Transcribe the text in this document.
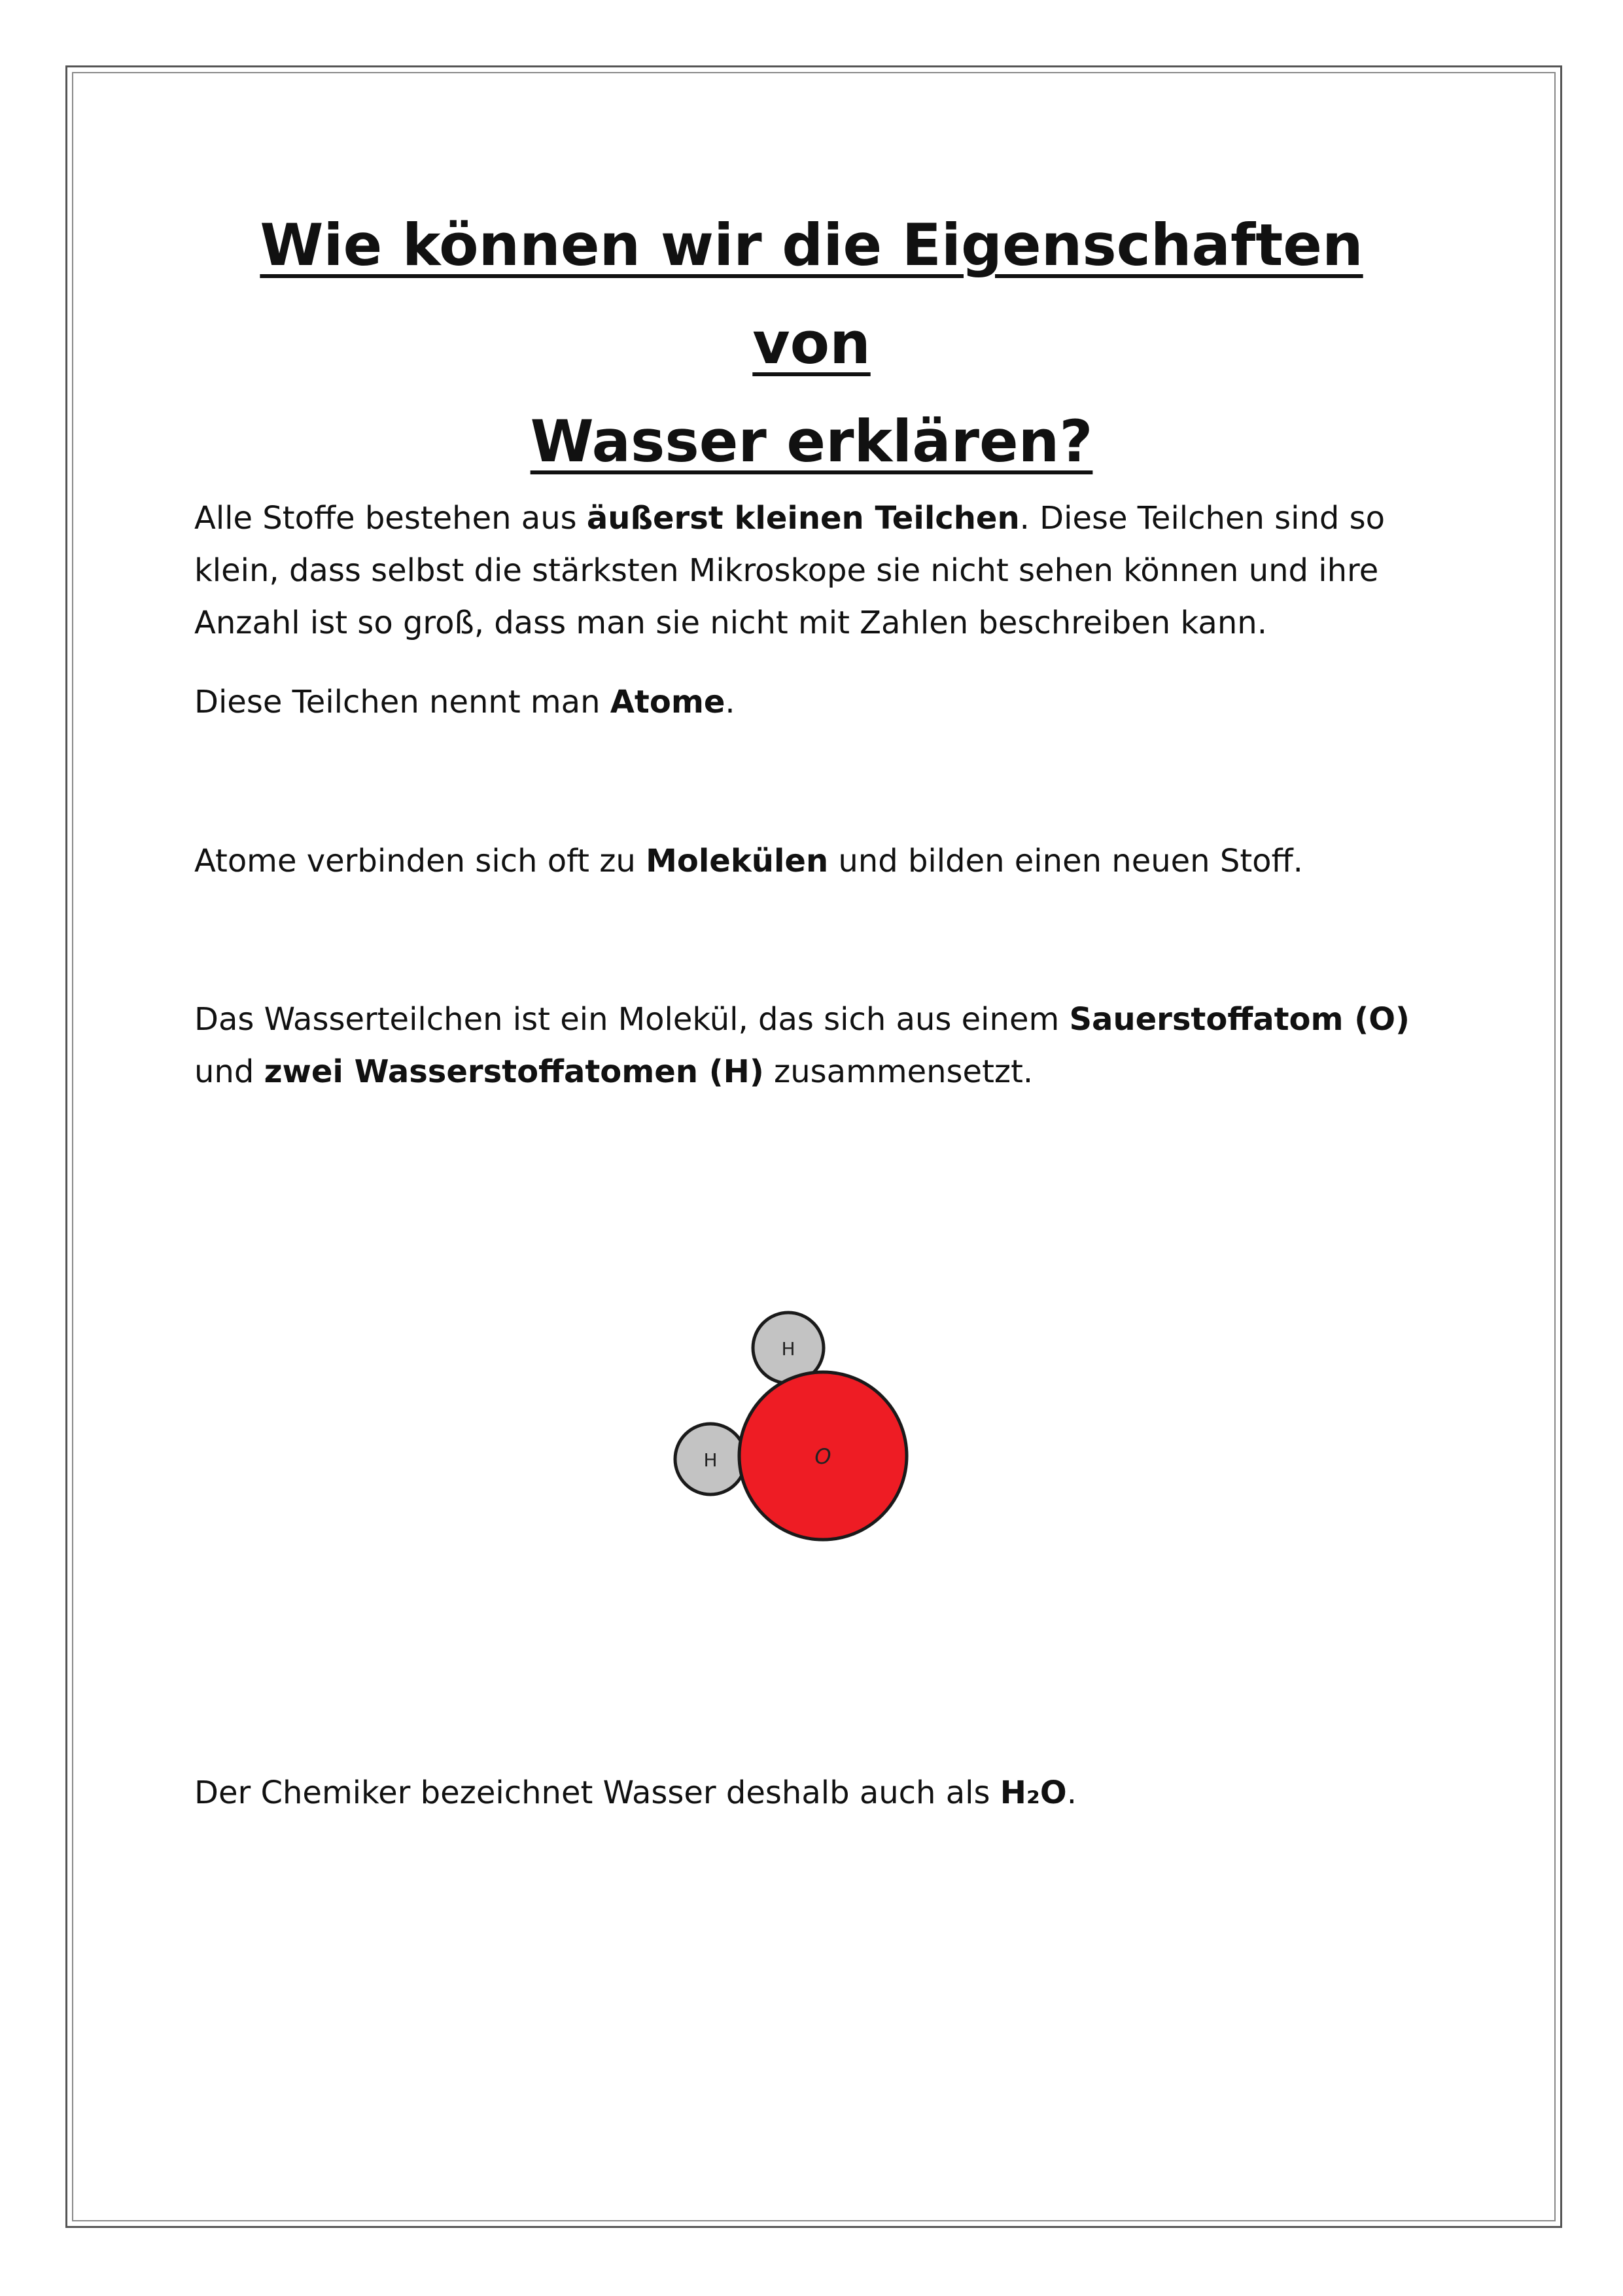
Wie können wir die Eigenschaften von
Wasser erklären?

Alle Stoffe bestehen aus äußerst kleinen Teilchen. Diese Teilchen sind so klein, dass selbst die stärksten Mikroskope sie nicht sehen können und ihre Anzahl ist so groß, dass man sie nicht mit Zahlen beschreiben kann.

Diese Teilchen nennt man Atome.

Atome verbinden sich oft zu Molekülen und bilden einen neuen Stoff.

Das Wasserteilchen ist ein Molekül, das sich aus einem Sauerstoffatom (O) und zwei Wasserstoffatomen (H) zusammensetzt.

H
H	O

Der Chemiker bezeichnet Wasser deshalb auch als H₂O.
